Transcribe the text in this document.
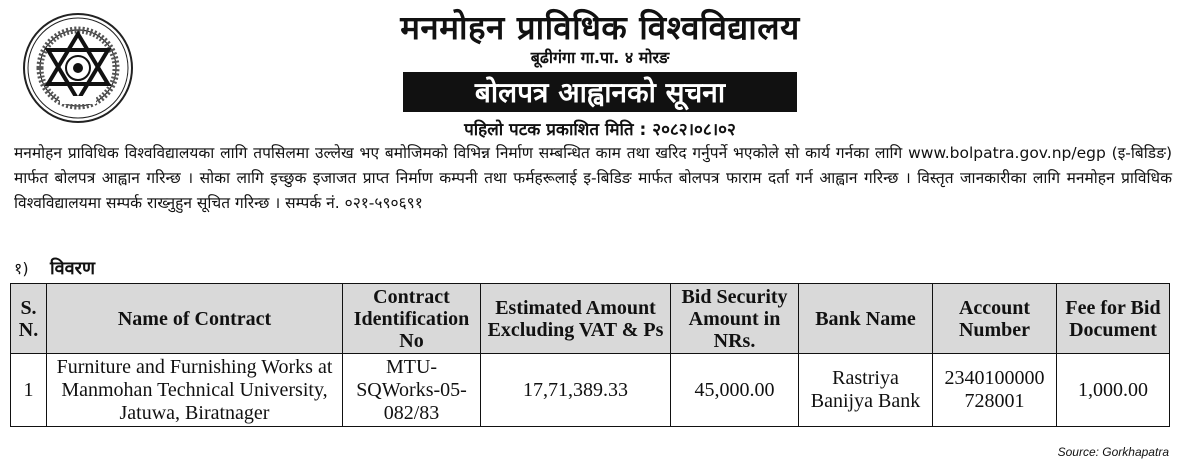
मनमोहन प्राविधिक विश्वविद्यालय
बूढीगंगा गा.पा. ४ मोरङ
बोलपत्र आह्वानको सूचना
पहिलो पटक प्रकाशित मिति : २०८२।०८।०२
मनमोहन प्राविधिक विश्वविद्यालयका लागि तपसिलमा उल्लेख भए बमोजिमको विभिन्न निर्माण सम्बन्धित काम तथा खरिद गर्नुपर्ने भएकोले सो कार्य गर्नका लागि www.bolpatra.gov.np/egp (इ-बिडिङ) मार्फत बोलपत्र आह्वान गरिन्छ । सोका लागि इच्छुक इजाजत प्राप्त निर्माण कम्पनी तथा फर्महरूलाई इ-बिडिङ मार्फत बोलपत्र फाराम दर्ता गर्न आह्वान गरिन्छ । विस्तृत जानकारीका लागि मनमोहन प्राविधिक विश्वविद्यालयमा सम्पर्क राख्नुहुन सूचित गरिन्छ । सम्पर्क नं. ०२१-५९०६९१
१) विवरण
S. N.	Name of Contract	Contract Identification No	Estimated Amount Excluding VAT & Ps	Bid Security Amount in NRs.	Bank Name	Account Number	Fee for Bid Document
1	Furniture and Furnishing Works at Manmohan Technical University, Jatuwa, Biratnager	MTU-SQWorks-05-082/83	17,71,389.33	45,000.00	Rastriya Banijya Bank	2340100000 728001	1,000.00
Source: Gorkhapatra
